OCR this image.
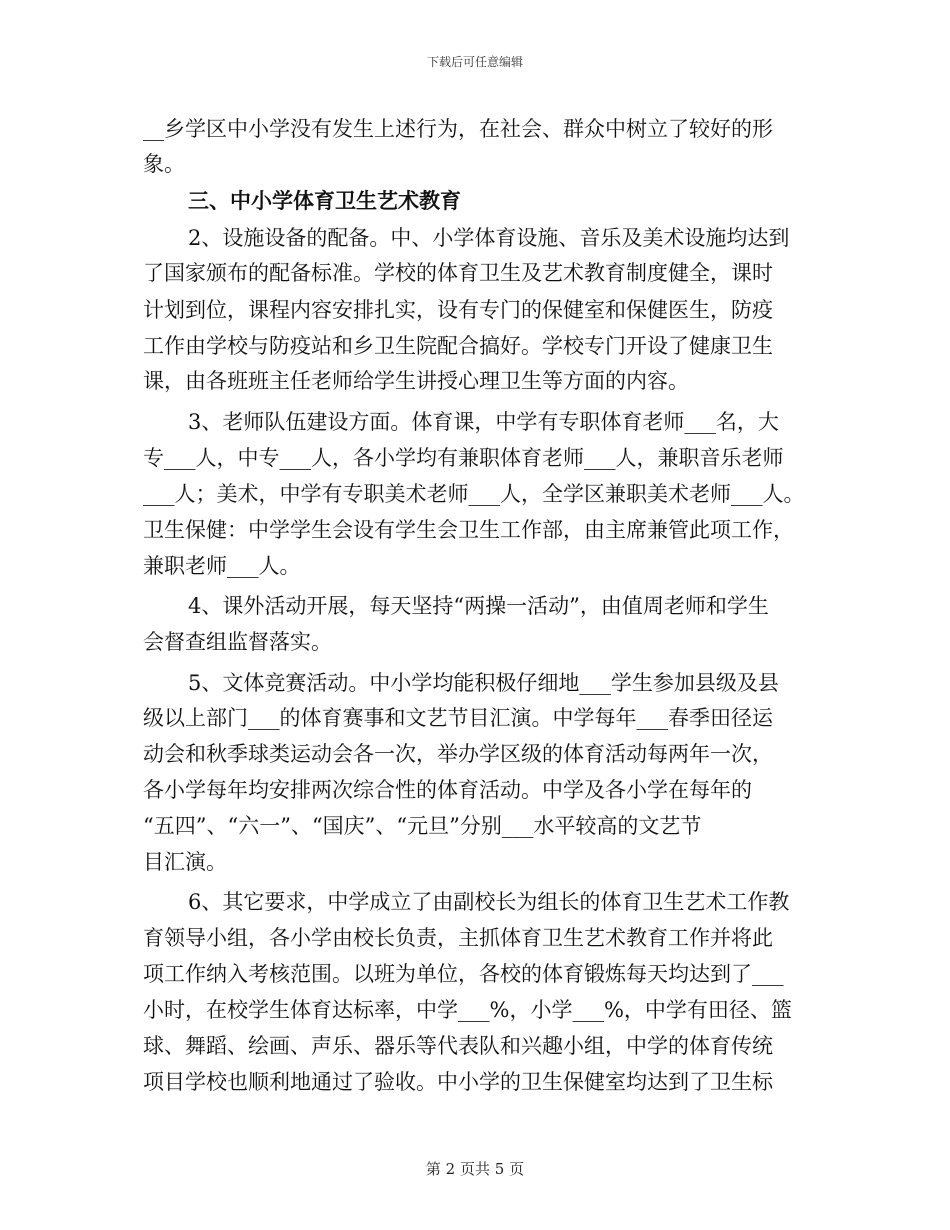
下载后可任意编辑
__乡学区中小学没有发生上述行为，在社会、群众中树立了较好的形
象。
三、中小学体育卫生艺术教育
2、设施设备的配备。中、小学体育设施、音乐及美术设施均达到
了国家颁布的配备标准。学校的体育卫生及艺术教育制度健全，课时
计划到位，课程内容安排扎实，设有专门的保健室和保健医生，防疫
工作由学校与防疫站和乡卫生院配合搞好。学校专门开设了健康卫生
课，由各班班主任老师给学生讲授心理卫生等方面的内容。
3、老师队伍建设方面。体育课，中学有专职体育老师___名，大
专___人，中专___人，各小学均有兼职体育老师___人，兼职音乐老师
___人；美术，中学有专职美术老师___人，全学区兼职美术老师___人。
卫生保健：中学学生会设有学生会卫生工作部，由主席兼管此项工作，
兼职老师___人。
4、课外活动开展，每天坚持“两操一活动”，由值周老师和学生
会督查组监督落实。
5、文体竞赛活动。中小学均能积极仔细地___学生参加县级及县
级以上部门___的体育赛事和文艺节目汇演。中学每年___春季田径运
动会和秋季球类运动会各一次，举办学区级的体育活动每两年一次，
各小学每年均安排两次综合性的体育活动。中学及各小学在每年的
“五四”、“六一”、“国庆”、“元旦”分别___水平较高的文艺节
目汇演。
6、其它要求，中学成立了由副校长为组长的体育卫生艺术工作教
育领导小组，各小学由校长负责，主抓体育卫生艺术教育工作并将此
项工作纳入考核范围。以班为单位，各校的体育锻炼每天均达到了___
小时，在校学生体育达标率，中学___%，小学___%，中学有田径、篮
球、舞蹈、绘画、声乐、器乐等代表队和兴趣小组，中学的体育传统
项目学校也顺利地通过了验收。中小学的卫生保健室均达到了卫生标
第 2 页共 5 页
